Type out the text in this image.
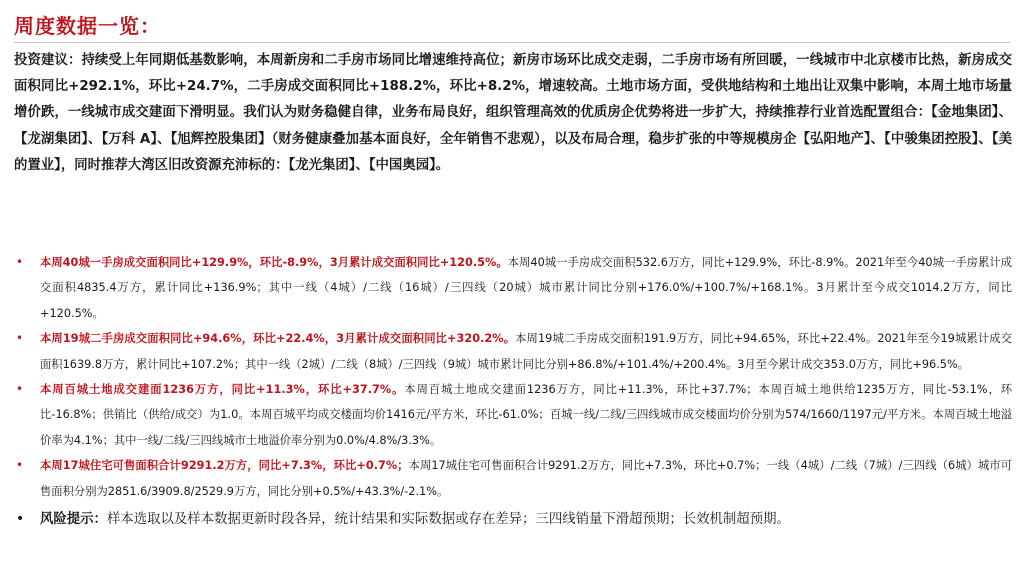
周度数据一览：
投资建议：持续受上年同期低基数影响，本周新房和二手房市场同比增速维持高位；新房市场环比成交走弱，二手房市场有所回暖，一线城市中北京楼市比热，新房成交面积同比+292.1%，环比+24.7%，二手房成交面积同比+188.2%，环比+8.2%，增速较高。土地市场方面，受供地结构和土地出让双集中影响，本周土地市场量增价跌，一线城市成交建面下滑明显。我们认为财务稳健自律，业务布局良好，组织管理高效的优质房企优势将进一步扩大，持续推荐行业首选配置组合：【金地集团】、【龙湖集团】、【万科 A】、【旭辉控股集团】（财务健康叠加基本面良好，全年销售不悲观），以及布局合理，稳步扩张的中等规模房企【弘阳地产】、【中骏集团控股】、【美的置业】，同时推荐大湾区旧改资源充沛标的：【龙光集团】、【中国奥园】。

• 本周40城一手房成交面积同比+129.9%，环比-8.9%，3月累计成交面积同比+120.5%。本周40城一手房成交面积532.6万方，同比+129.9%，环比-8.9%。2021年至今40城一手房累计成交面积4835.4万方，累计同比+136.9%；其中一线（4城）/二线（16城）/三四线（20城）城市累计同比分别+176.0%/+100.7%/+168.1%。3月累计至今成交1014.2万方，同比+120.5%。

• 本周19城二手房成交面积同比+94.6%，环比+22.4%，3月累计成交面积同比+320.2%。本周19城二手房成交面积191.9万方，同比+94.65%，环比+22.4%。2021年至今19城累计成交面积1639.8万方，累计同比+107.2%；其中一线（2城）/二线（8城）/三四线（9城）城市累计同比分别+86.8%/+101.4%/+200.4%。3月至今累计成交353.0万方，同比+96.5%。

• 本周百城土地成交建面1236万方，同比+11.3%，环比+37.7%。本周百城土地成交建面1236万方，同比+11.3%，环比+37.7%；本周百城土地供给1235万方，同比-53.1%，环比-16.8%；供销比（供给/成交）为1.0。本周百城平均成交楼面均价1416元/平方米，环比-61.0%；百城一线/二线/三四线城市成交楼面均价分别为574/1660/1197元/平方米。本周百城土地溢价率为4.1%；其中一线/二线/三四线城市土地溢价率分别为0.0%/4.8%/3.3%。

• 本周17城住宅可售面积合计9291.2万方，同比+7.3%，环比+0.7%；本周17城住宅可售面积合计9291.2万方，同比+7.3%，环比+0.7%；一线（4城）/二线（7城）/三四线（6城）城市可售面积分别为2851.6/3909.8/2529.9万方，同比分别+0.5%/+43.3%/-2.1%。

• 风险提示：样本选取以及样本数据更新时段各异，统计结果和实际数据或存在差异；三四线销量下滑超预期；长效机制超预期。
